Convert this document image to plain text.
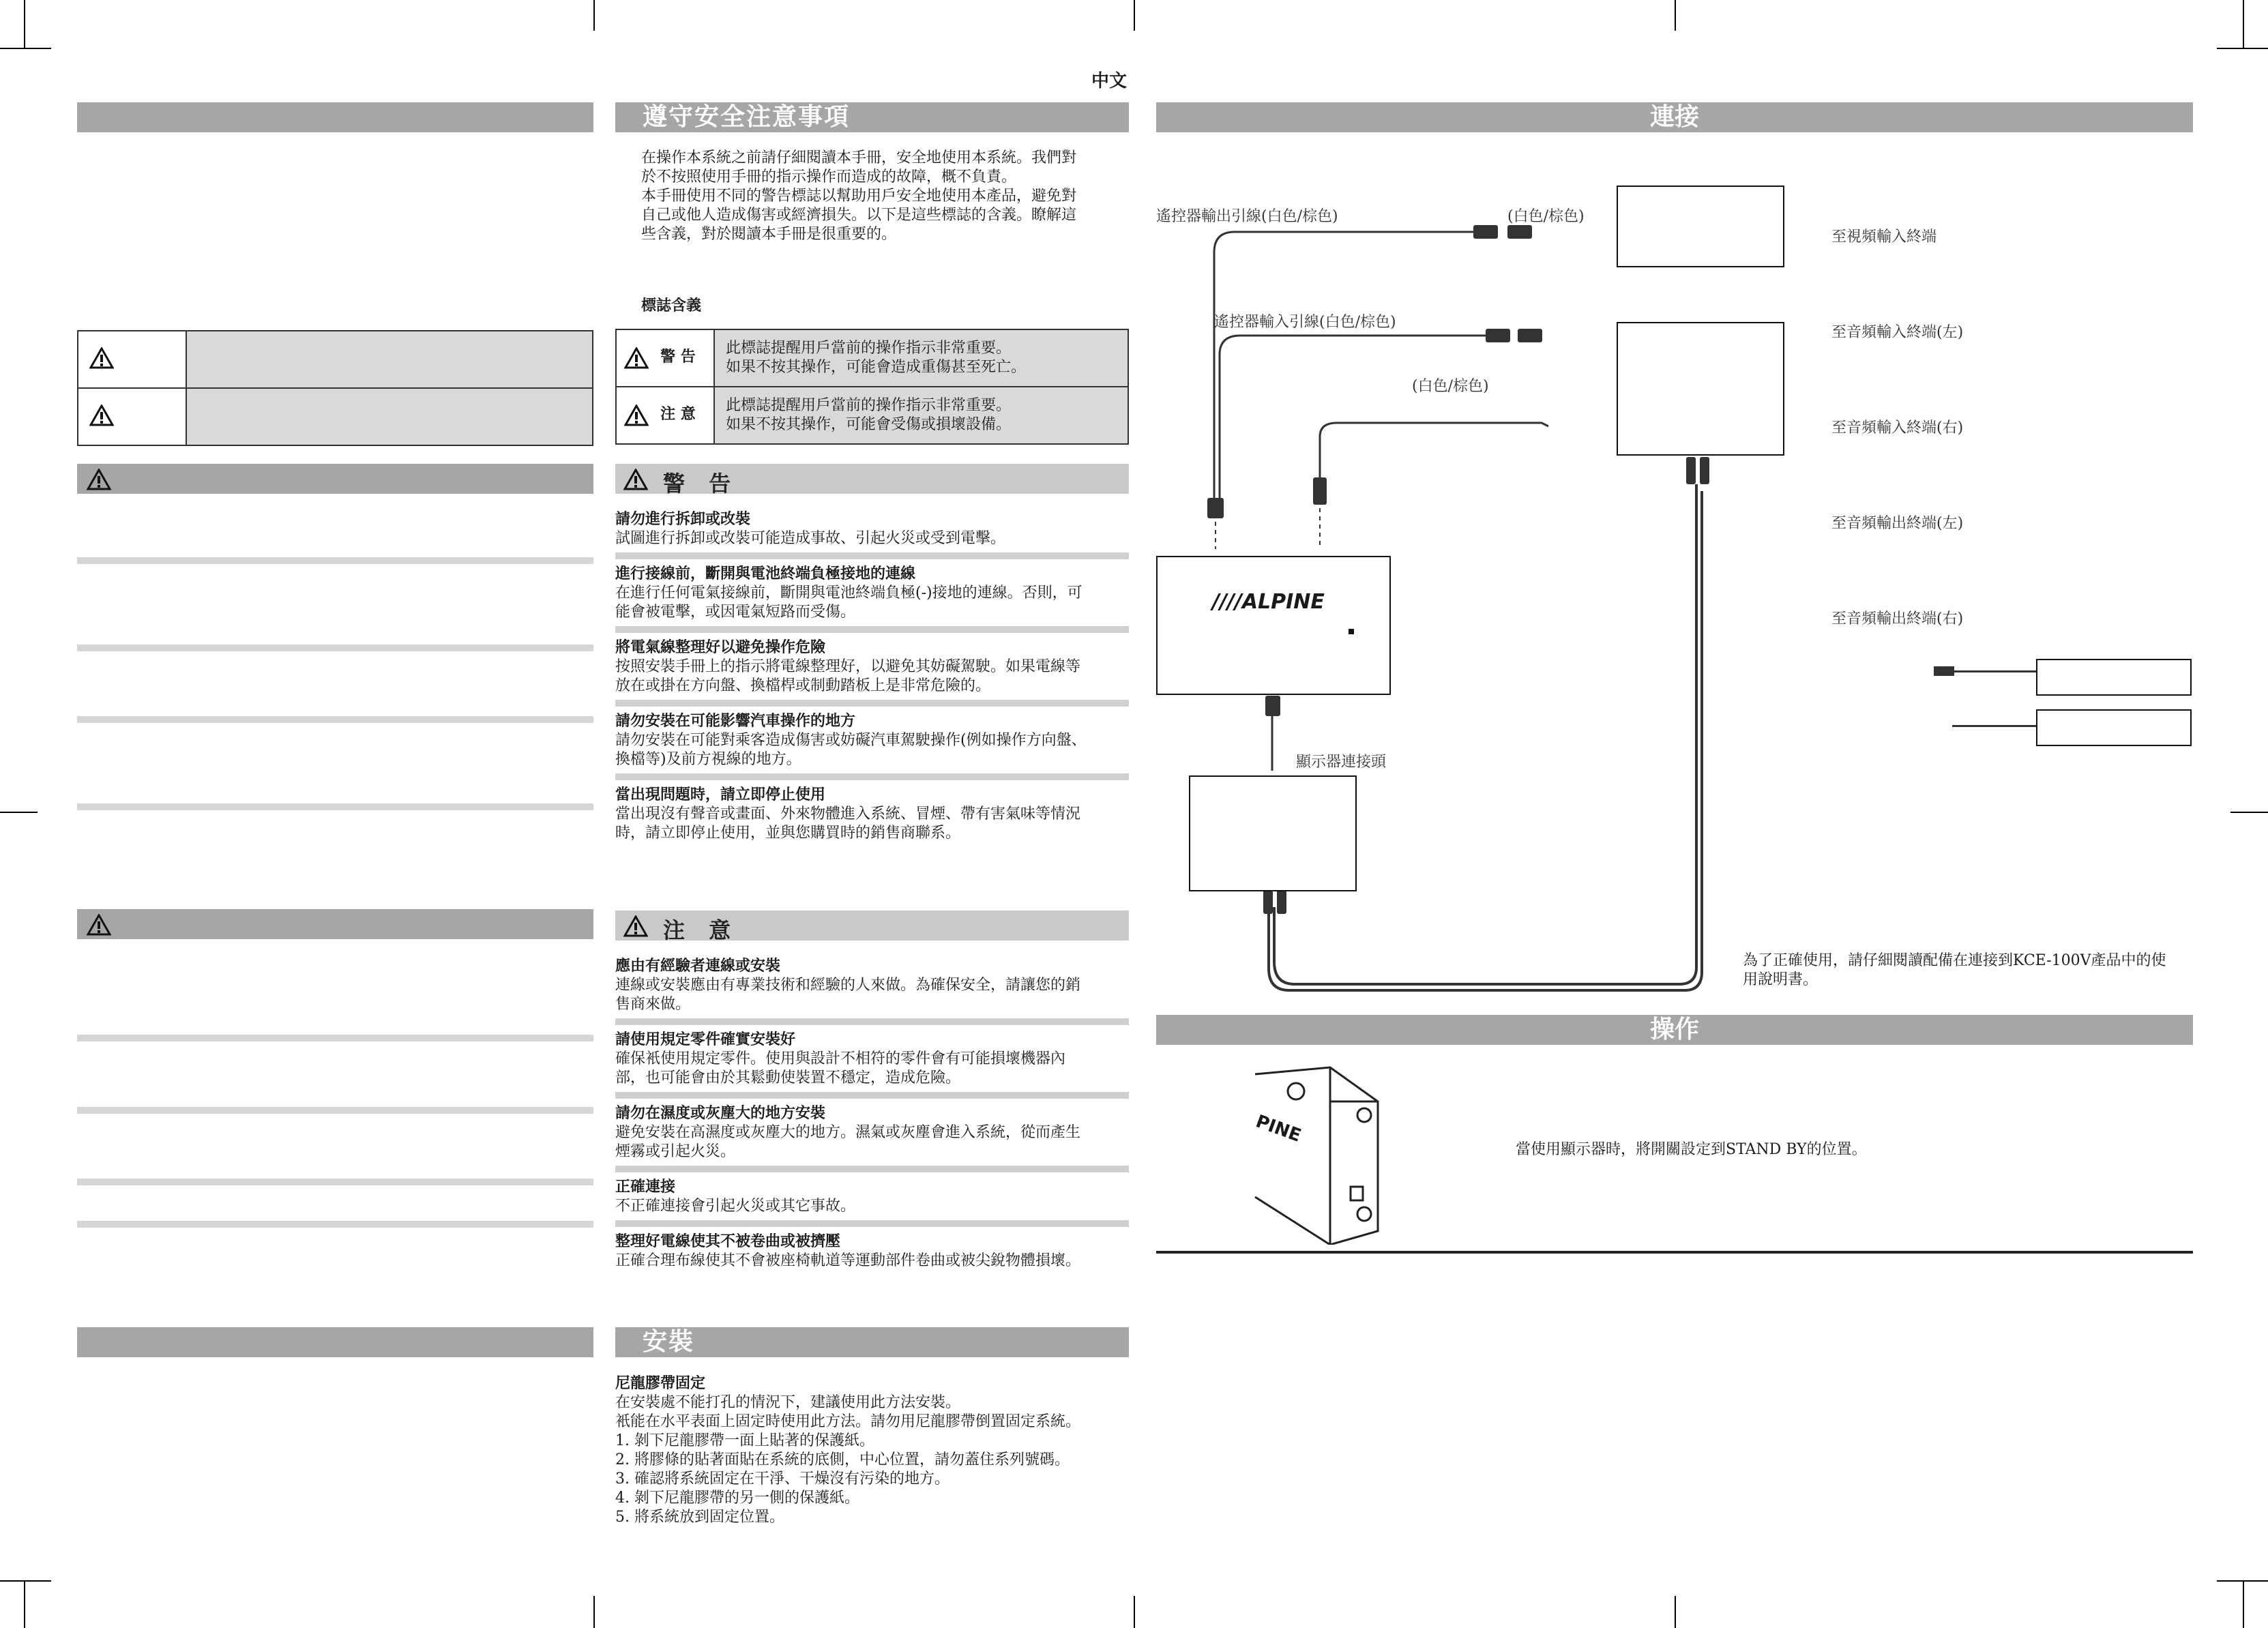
中文

遵守安全注意事項
在操作本系統之前請仔細閱讀本手冊，安全地使用本系統。我們對
於不按照使用手冊的指示操作而造成的故障，概不負責。
本手冊使用不同的警告標誌以幫助用戶安全地使用本產品，避免對
自己或他人造成傷害或經濟損失。以下是這些標誌的含義。瞭解這
些含義，對於閱讀本手冊是很重要的。
標誌含義
警 告	此標誌提醒用戶當前的操作指示非常重要。
如果不按其操作，可能會造成重傷甚至死亡。

注 意	此標誌提醒用戶當前的操作指示非常重要。
如果不按其操作，可能會受傷或損壞設備。
警 告
請勿進行拆卸或改裝
試圖進行拆卸或改裝可能造成事故、引起火災或受到電擊。
進行接線前，斷開與電池終端負極接地的連線
在進行任何電氣接線前，斷開與電池終端負極(-)接地的連線。否則，可
能會被電擊，或因電氣短路而受傷。
將電氣線整理好以避免操作危險
按照安裝手冊上的指示將電線整理好，以避免其妨礙駕駛。如果電線等
放在或掛在方向盤、換檔桿或制動踏板上是非常危險的。
請勿安裝在可能影響汽車操作的地方
請勿安裝在可能對乘客造成傷害或妨礙汽車駕駛操作(例如操作方向盤、
換檔等)及前方視線的地方。
當出現問題時，請立即停止使用
當出現沒有聲音或畫面、外來物體進入系統、冒煙、帶有害氣味等情況
時，請立即停止使用，並與您購買時的銷售商聯系。
注 意
應由有經驗者連線或安裝
連線或安裝應由有專業技術和經驗的人來做。為確保安全，請讓您的銷
售商來做。
請使用規定零件確實安裝好
確保衹使用規定零件。使用與設計不相符的零件會有可能損壞機器內
部，也可能會由於其鬆動使裝置不穩定，造成危險。
請勿在濕度或灰塵大的地方安裝
避免安裝在高濕度或灰塵大的地方。濕氣或灰塵會進入系統，從而產生
煙霧或引起火災。
正確連接
不正確連接會引起火災或其它事故。
整理好電線使其不被卷曲或被擠壓
正確合理布線使其不會被座椅軌道等運動部件卷曲或被尖銳物體損壞。
安裝
尼龍膠帶固定
在安裝處不能打孔的情況下，建議使用此方法安裝。
衹能在水平表面上固定時使用此方法。請勿用尼龍膠帶倒置固定系統。
1. 剝下尼龍膠帶一面上貼著的保護紙。
2. 將膠條的貼著面貼在系統的底側，中心位置，請勿蓋住系列號碼。
3. 確認將系統固定在干淨、干燥沒有污染的地方。
4. 剝下尼龍膠帶的另一側的保護紙。
5. 將系統放到固定位置。
連接
////ALPINE
遙控器輸出引線(白色/棕色)	(白色/棕色)
遙控器輸入引線(白色/棕色)
(白色/棕色)
顯示器連接頭
至視頻輸入終端
至音頻輸入終端(左)
至音頻輸入終端(右)
至音頻輸出終端(左)
至音頻輸出終端(右)
為了正確使用，請仔細閱讀配備在連接到KCE-100V產品中的使
用說明書。
操作
PINE
當使用顯示器時，將開關設定到STAND BY的位置。
